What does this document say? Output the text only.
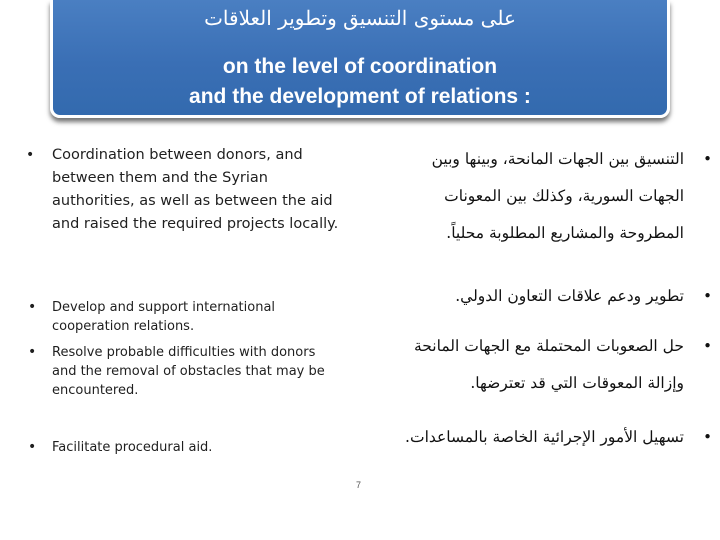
على مستوى التنسيق وتطوير العلاقات
on the level of coordination
and the development of relations :
• Coordination between donors, and between them and the Syrian authorities, as well as between the aid and raised the required projects locally.
• Develop and support international cooperation relations.
• Resolve probable difficulties with donors and the removal of obstacles that may be encountered.
• Facilitate procedural aid.
•
التنسيق بين الجهات المانحة، وبينها وبين
الجهات السورية، وكذلك بين المعونات
المطروحة والمشاريع المطلوبة محلياً.
•
تطوير ودعم علاقات التعاون الدولي.
•
حل الصعوبات المحتملة مع الجهات المانحة
وإزالة المعوقات التي قد تعترضها.
•
تسهيل الأمور الإجرائية الخاصة بالمساعدات.
7
